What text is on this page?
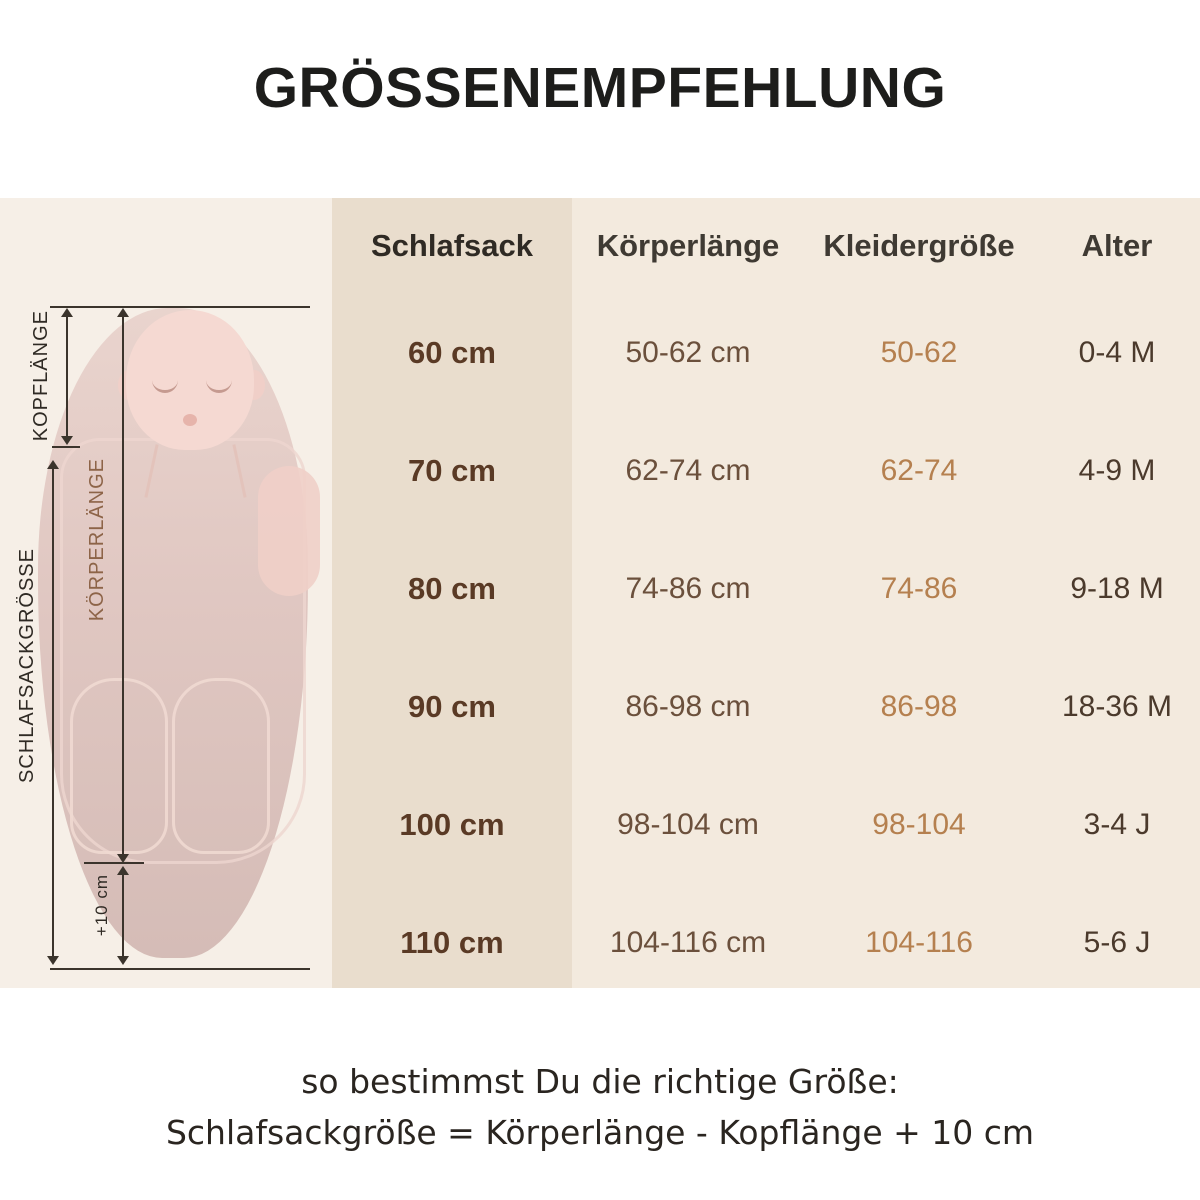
GRÖSSENEMPFEHLUNG
KOPFLÄNGE
SCHLAFSACKGRÖSSE
KÖRPERLÄNGE
+10 cm
Schlafsack	Körperlänge	Kleidergröße	Alter
60 cm	50-62 cm	50-62	0-4 M
70 cm	62-74 cm	62-74	4-9 M
80 cm	74-86 cm	74-86	9-18 M
90 cm	86-98 cm	86-98	18-36 M
100 cm	98-104 cm	98-104	3-4 J
110 cm	104-116 cm	104-116	5-6 J
so bestimmst Du die richtige Größe:
Schlafsackgröße = Körperlänge - Kopflänge + 10 cm
